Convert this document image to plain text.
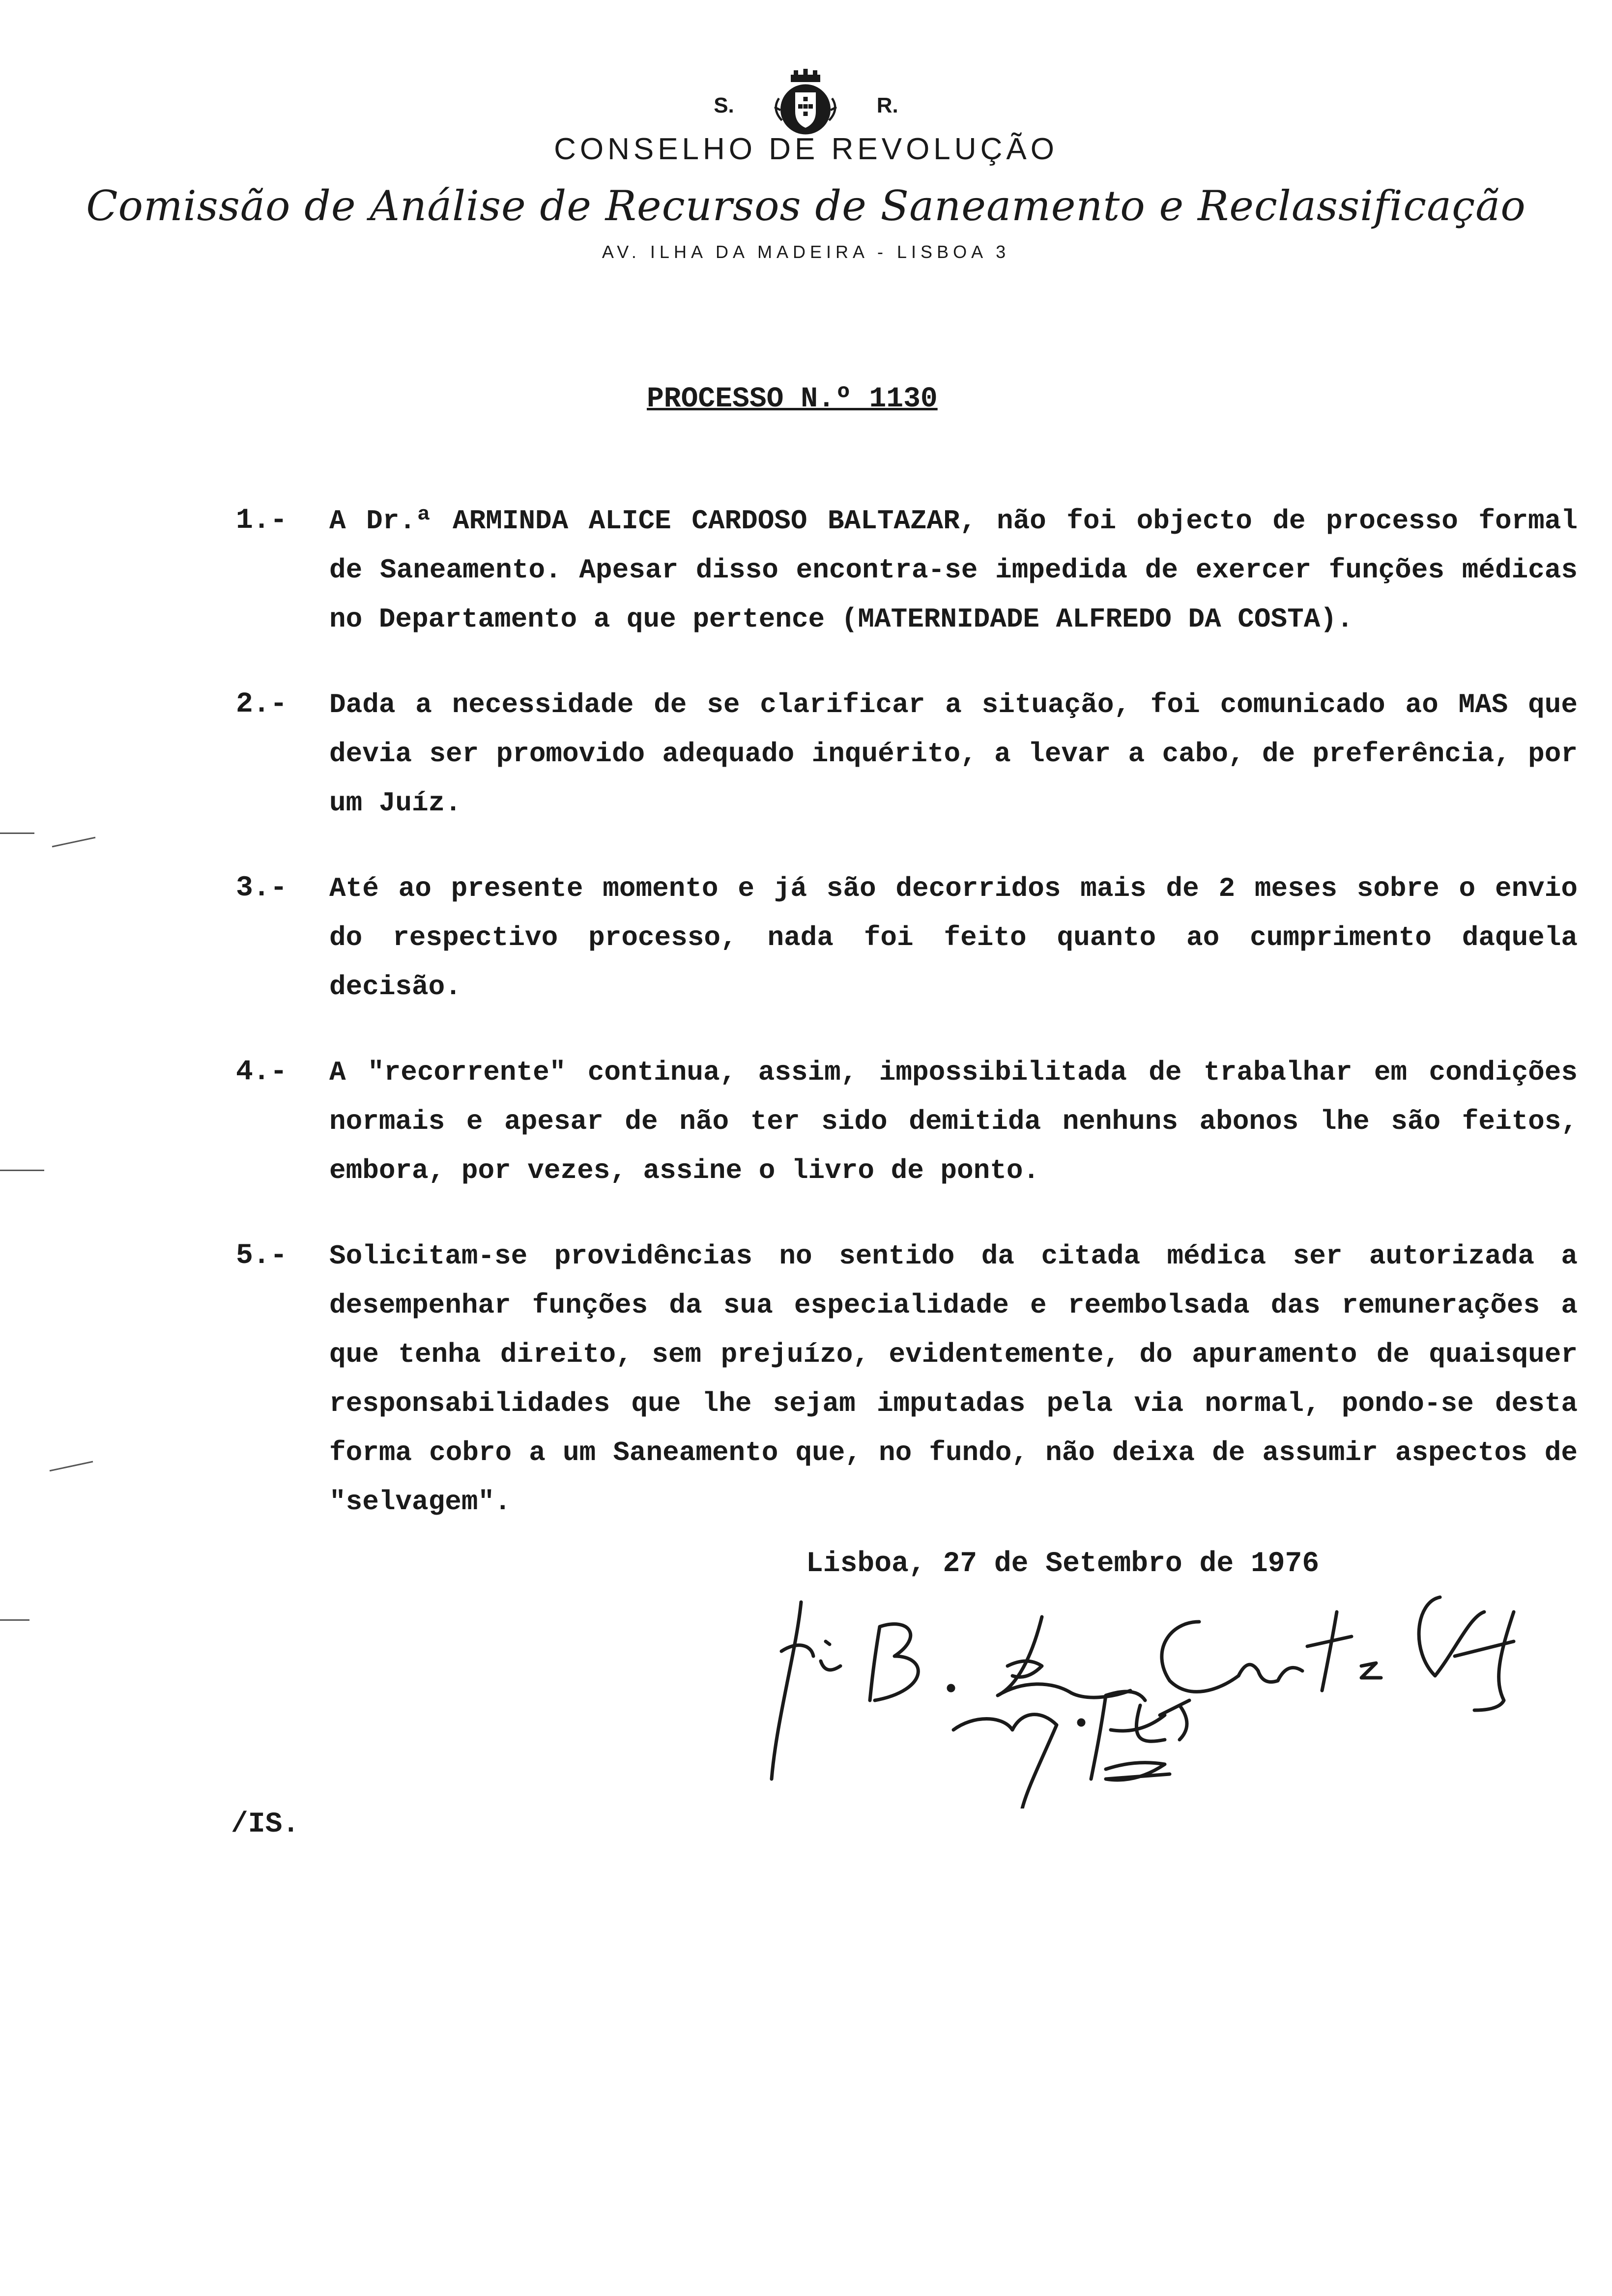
S.	R.
CONSELHO DE REVOLUÇÃO
Comissão de Análise de Recursos de Saneamento e Reclassificação
AV. ILHA DA MADEIRA - LISBOA 3
PROCESSO N.º 1130
1.- A Dr.ª ARMINDA ALICE CARDOSO BALTAZAR, não foi objecto de processo formal de Saneamento. Apesar disso encontra-se impedida de exercer funções médicas no Departamento a que pertence (MATERNIDADE ALFREDO DA COSTA).
2.- Dada a necessidade de se clarificar a situação, foi comunicado ao MAS que devia ser promovido adequado inquérito, a levar a cabo, de preferência, por um Juíz.
3.- Até ao presente momento e já são decorridos mais de 2 meses sobre o envio do respectivo processo, nada foi feito quanto ao cumprimento daquela decisão.
4.- A "recorrente" continua, assim, impossibilitada de trabalhar em condições normais e apesar de não ter sido demitida nenhuns abonos lhe são feitos, embora, por vezes, assine o livro de ponto.
5.- Solicitam-se providências no sentido da citada médica ser autorizada a desempenhar funções da sua especialidade e reembolsada das remunerações a que tenha direito, sem prejuízo, evidentemente, do apuramento de quaisquer responsabilidades que lhe sejam imputadas pela via normal, pondo-se desta forma cobro a um Saneamento que, no fundo, não deixa de assumir aspectos de "selvagem".
Lisboa, 27 de Setembro de 1976
/IS.
